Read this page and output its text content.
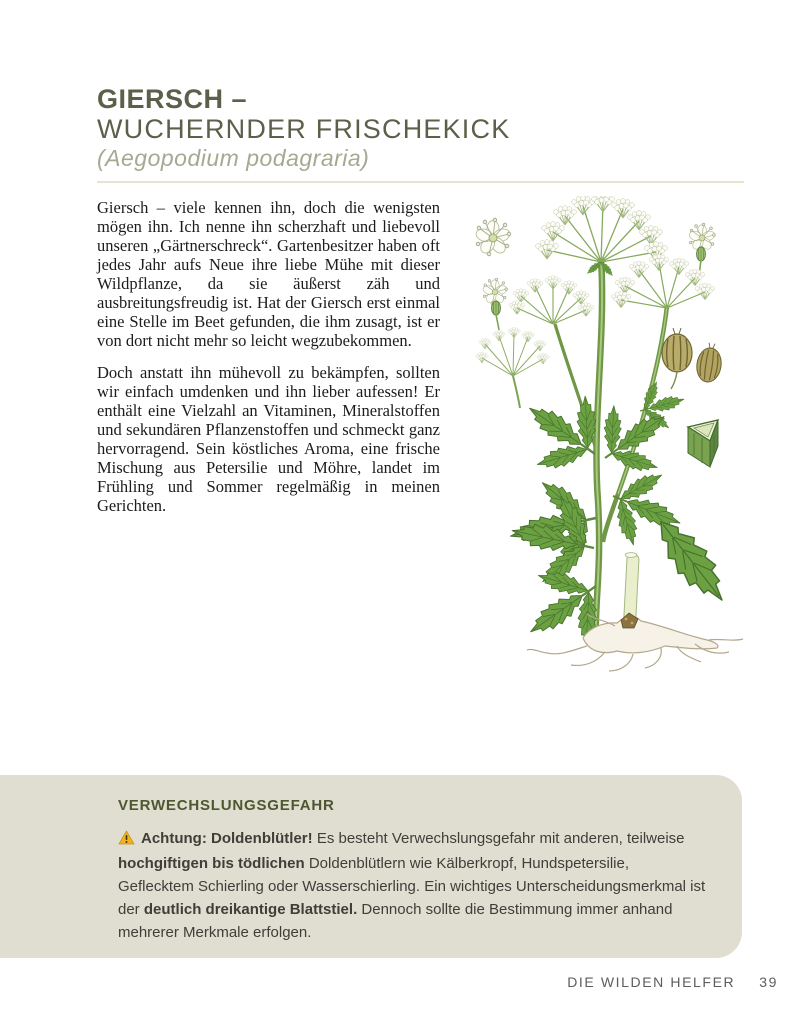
GIERSCH –
WUCHERNDER FRISCHEKICK
(Aegopodium podagraria)

Giersch – viele kennen ihn, doch die wenigsten mögen ihn. Ich nenne ihn scherzhaft und liebevoll unseren „Gärtnerschreck“. Gartenbesitzer haben oft jedes Jahr aufs Neue ihre liebe Mühe mit dieser Wildpflanze, da sie äußerst zäh und ausbreitungsfreudig ist. Hat der Giersch erst einmal eine Stelle im Beet gefunden, die ihm zusagt, ist er von dort nicht mehr so leicht wegzubekommen.

Doch anstatt ihn mühevoll zu bekämpfen, sollten wir einfach umdenken und ihn lieber aufessen! Er enthält eine Vielzahl an Vitaminen, Mineralstoffen und sekundären Pflanzenstoffen und schmeckt ganz hervorragend. Sein köstliches Aroma, eine frische Mischung aus Petersilie und Möhre, landet im Frühling und Sommer regelmäßig in meinen Gerichten.

VERWECHSLUNGSGEFAHR
Achtung: Doldenblütler! Es besteht Verwechslungsgefahr mit anderen, teilweise hochgiftigen bis tödlichen Doldenblütlern wie Kälberkropf, Hundspetersilie, Geflecktem Schierling oder Wasserschierling. Ein wichtiges Unterscheidungsmerkmal ist der deutlich dreikantige Blattstiel. Dennoch sollte die Bestimmung immer anhand mehrerer Merkmale erfolgen.
DIE WILDEN HELFER 39
